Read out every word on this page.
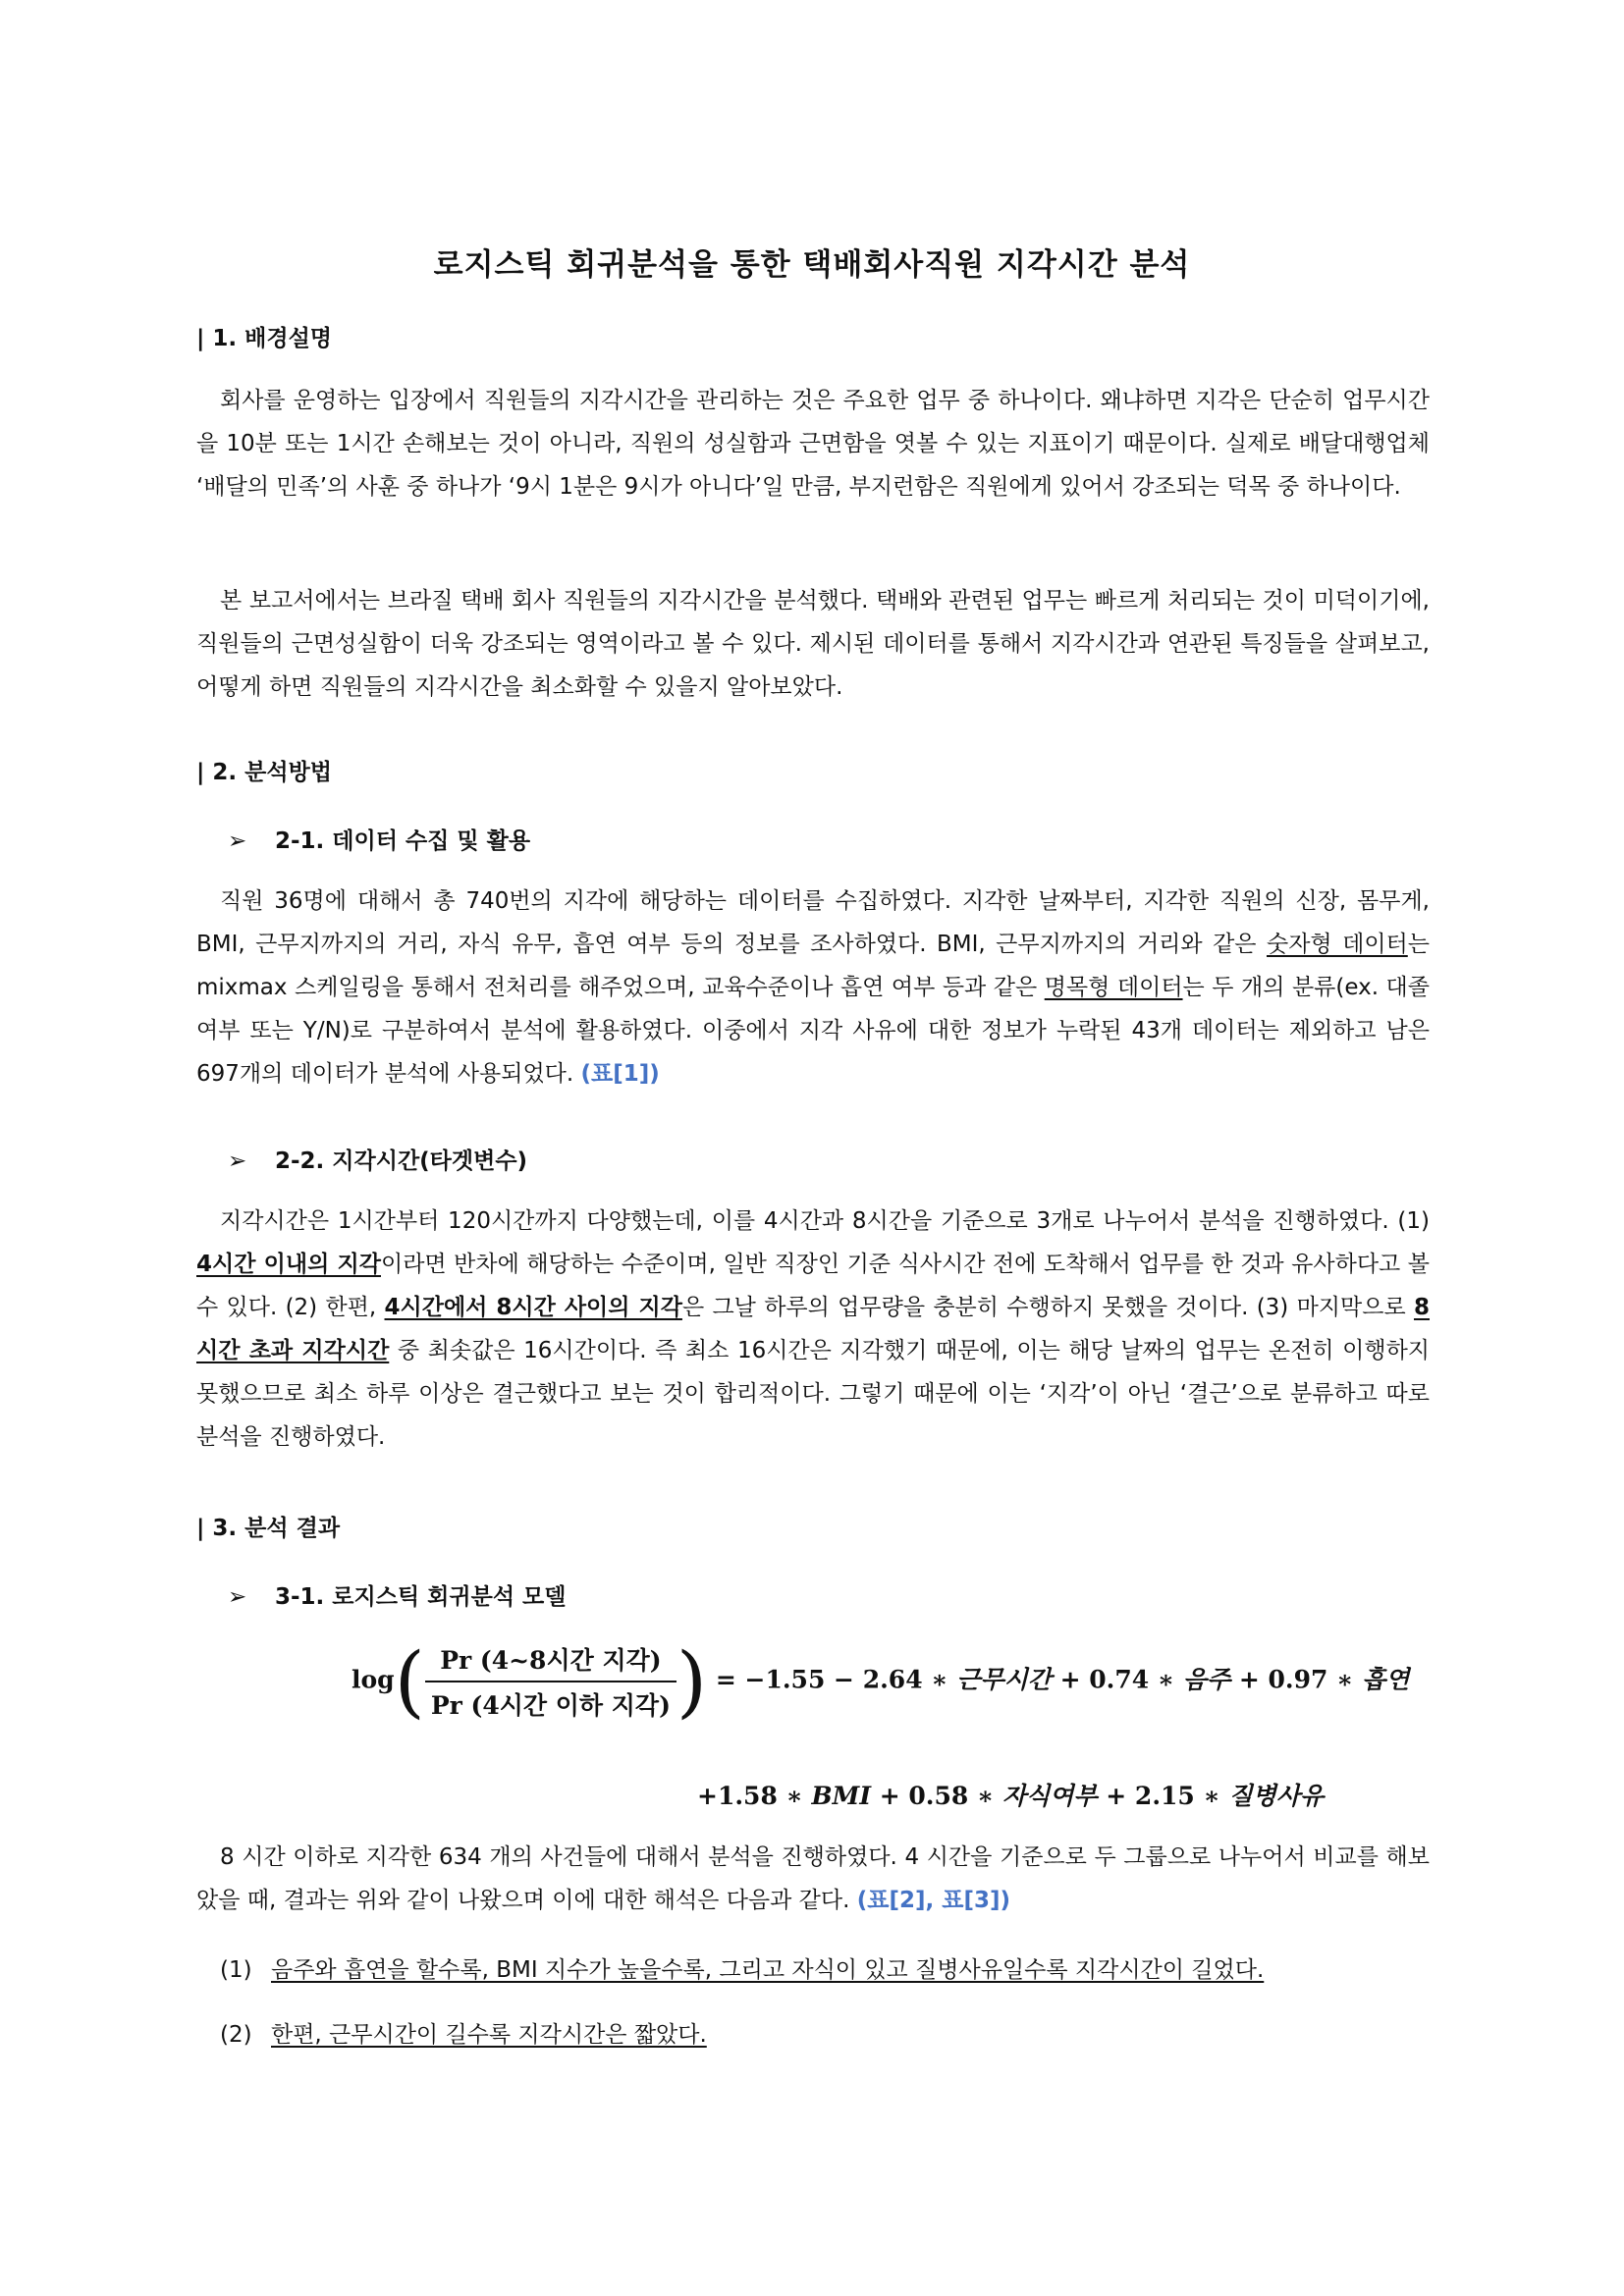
로지스틱 회귀분석을 통한 택배회사직원 지각시간 분석
| 1. 배경설명
회사를 운영하는 입장에서 직원들의 지각시간을 관리하는 것은 주요한 업무 중 하나이다. 왜냐하면 지각은 단순히 업무시간을 10분 또는 1시간 손해보는 것이 아니라, 직원의 성실함과 근면함을 엿볼 수 있는 지표이기 때문이다. 실제로 배달대행업체 ‘배달의 민족’의 사훈 중 하나가 ‘9시 1분은 9시가 아니다’일 만큼, 부지런함은 직원에게 있어서 강조되는 덕목 중 하나이다.
본 보고서에서는 브라질 택배 회사 직원들의 지각시간을 분석했다. 택배와 관련된 업무는 빠르게 처리되는 것이 미덕이기에, 직원들의 근면성실함이 더욱 강조되는 영역이라고 볼 수 있다. 제시된 데이터를 통해서 지각시간과 연관된 특징들을 살펴보고, 어떻게 하면 직원들의 지각시간을 최소화할 수 있을지 알아보았다.
| 2. 분석방법
➢ 2-1. 데이터 수집 및 활용
직원 36명에 대해서 총 740번의 지각에 해당하는 데이터를 수집하였다. 지각한 날짜부터, 지각한 직원의 신장, 몸무게, BMI, 근무지까지의 거리, 자식 유무, 흡연 여부 등의 정보를 조사하였다. BMI, 근무지까지의 거리와 같은 숫자형 데이터는 mixmax 스케일링을 통해서 전처리를 해주었으며, 교육수준이나 흡연 여부 등과 같은 명목형 데이터는 두 개의 분류(ex. 대졸 여부 또는 Y/N)로 구분하여서 분석에 활용하였다. 이중에서 지각 사유에 대한 정보가 누락된 43개 데이터는 제외하고 남은 697개의 데이터가 분석에 사용되었다. (표[1])
➢ 2-2. 지각시간(타겟변수)
지각시간은 1시간부터 120시간까지 다양했는데, 이를 4시간과 8시간을 기준으로 3개로 나누어서 분석을 진행하였다. (1) 4시간 이내의 지각이라면 반차에 해당하는 수준이며, 일반 직장인 기준 식사시간 전에 도착해서 업무를 한 것과 유사하다고 볼 수 있다. (2) 한편, 4시간에서 8시간 사이의 지각은 그날 하루의 업무량을 충분히 수행하지 못했을 것이다. (3) 마지막으로 8시간 초과 지각시간 중 최솟값은 16시간이다. 즉 최소 16시간은 지각했기 때문에, 이는 해당 날짜의 업무는 온전히 이행하지 못했으므로 최소 하루 이상은 결근했다고 보는 것이 합리적이다. 그렇기 때문에 이는 ‘지각’이 아닌 ‘결근’으로 분류하고 따로 분석을 진행하였다.
| 3. 분석 결과
➢ 3-1. 로지스틱 회귀분석 모델
$\log( \frac{\text{Pr (4\textasciitilde{}8시간 지각)}}{\text{Pr (4시간 이하 지각)}}$ ) = −1.55 − 2.64 ∗ 근무시간 + 0.74 ∗ 음주 + 0.97 ∗ 흡연
+1.58 ∗ BMI + 0.58 ∗ 자식여부 + 2.15 ∗ 질병사유
8 시간 이하로 지각한 634 개의 사건들에 대해서 분석을 진행하였다. 4 시간을 기준으로 두 그룹으로 나누어서 비교를 해보았을 때, 결과는 위와 같이 나왔으며 이에 대한 해석은 다음과 같다. (표[2], 표[3])
(1) 음주와 흡연을 할수록, BMI 지수가 높을수록, 그리고 자식이 있고 질병사유일수록 지각시간이 길었다.
(2) 한편, 근무시간이 길수록 지각시간은 짧았다.
